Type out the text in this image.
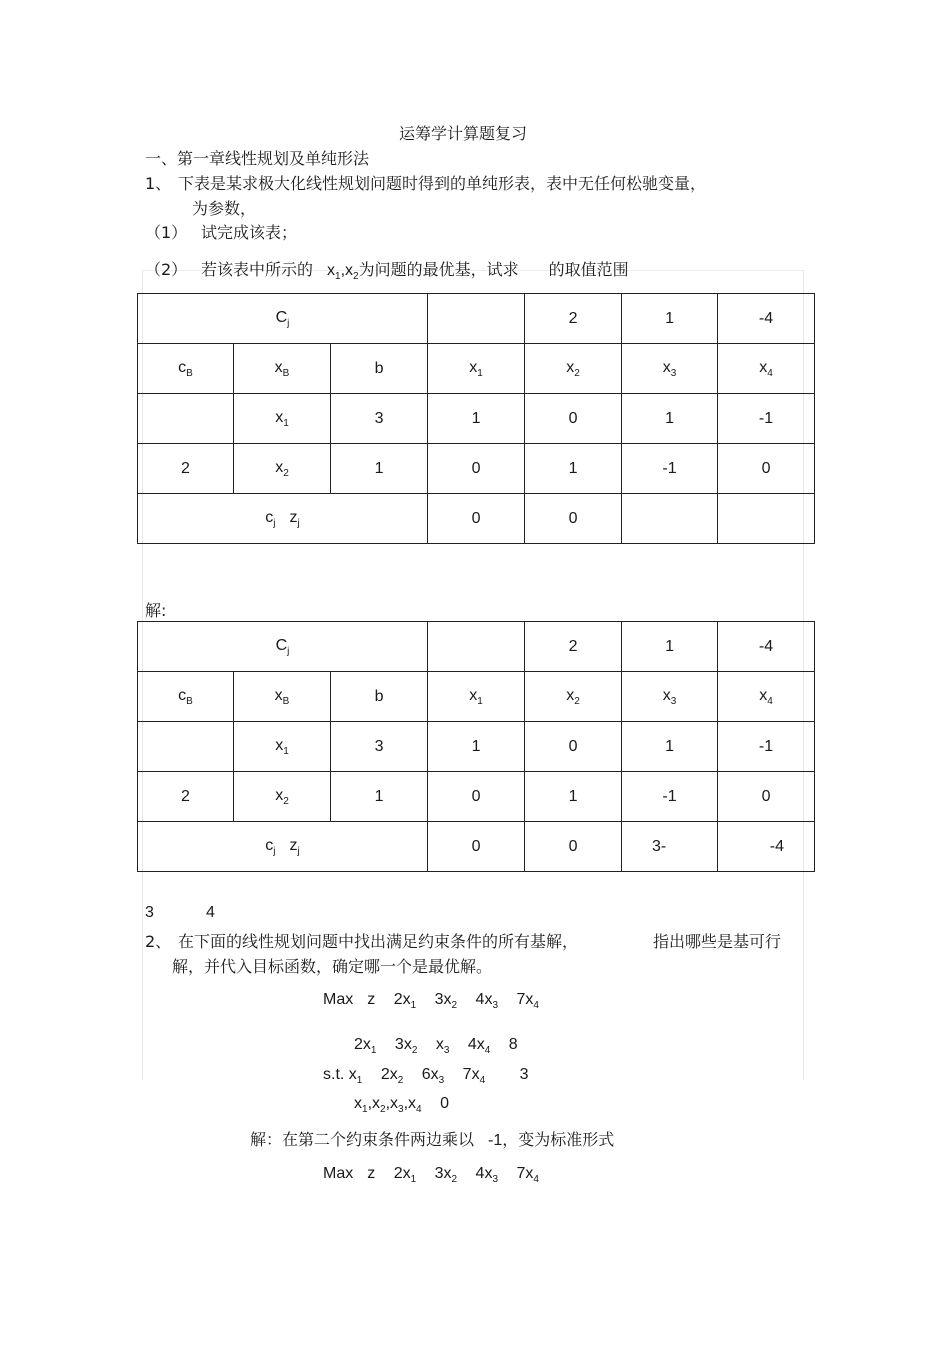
运筹学计算题复习
一、第一章线性规划及单纯形法
1、 下表是某求极大化线性规划问题时得到的单纯形表，表中无任何松驰变量，
为参数，
（1） 试完成该表；
（2） 若该表中所示的 $x_1,x_2$为问题的最优基，试求 的取值范围
$C_j$				2	1	-4
$c_B$	$x_B$	b	$x_1$	$x_2$	$x_3$	$x_4$
	$x_1$	3	1	0	1	-1
2	$x_2$	1	0	1	-1	0
$c_j$ $z_j$			0	0		
解:
$C_j$				2	1	-4
$c_B$	$x_B$	b	$x_1$	$x_2$	$x_3$	$x_4$
	$x_1$	3	1	0	1	-1
2	$x_2$	1	0	1	-1	0
$c_j$ $z_j$			0	0	3-	-4
3	4
2、 在下面的线性规划问题中找出满足约束条件的所有基解，	指出哪些是基可行
解，并代入目标函数，确定哪一个是最优解。
Max z $2x_1$ $3x_2$ $4x_3$ $7x_4$
$2x_1$ $3x_2$ $x_3$ $4x_4$ 8
s.t. $x_1$ $2x_2$ $6x_3$ $7x_4$ 3
$x_1,x_2,x_3,x_4$ 0
解：在第二个约束条件两边乘以 -1，变为标准形式
Max z $2x_1$ $3x_2$ $4x_3$ $7x_4$
